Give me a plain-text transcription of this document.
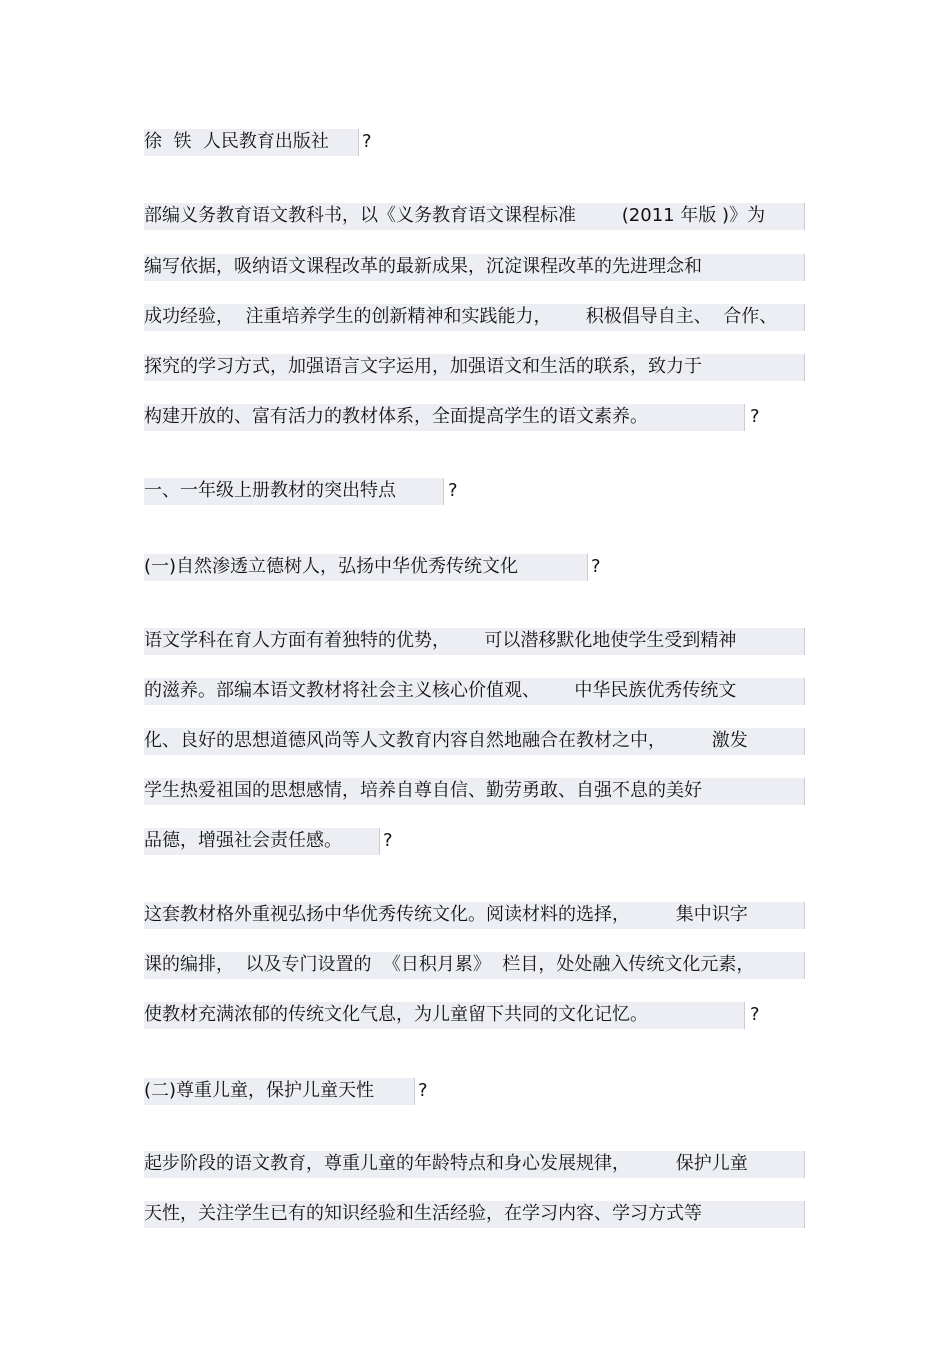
徐  铁  人民教育出版社 ?
部编义务教育语文教科书，以《义务教育语文课程标准        (2011 年版 )》为
编写依据，吸纳语文课程改革的最新成果，沉淀课程改革的先进理念和
成功经验，  注重培养学生的创新精神和实践能力，      积极倡导自主、  合作、
探究的学习方式，加强语言文字运用，加强语文和生活的联系，致力于
构建开放的、富有活力的教材体系，全面提高学生的语文素养。	?
一、一年级上册教材的突出特点	?
(一)自然渗透立德树人，弘扬中华优秀传统文化	?
语文学科在育人方面有着独特的优势，      可以潜移默化地使学生受到精神
的滋养。部编本语文教材将社会主义核心价值观、      中华民族优秀传统文
化、良好的思想道德风尚等人文教育内容自然地融合在教材之中，        激发
学生热爱祖国的思想感情，培养自尊自信、勤劳勇敢、自强不息的美好
品德，增强社会责任感。 ?
这套教材格外重视弘扬中华优秀传统文化。阅读材料的选择，        集中识字
课的编排，  以及专门设置的  《日积月累》  栏目，处处融入传统文化元素，
使教材充满浓郁的传统文化气息，为儿童留下共同的文化记忆。	?
(二)尊重儿童，保护儿童天性 ?
起步阶段的语文教育，尊重儿童的年龄特点和身心发展规律，        保护儿童
天性，关注学生已有的知识经验和生活经验，在学习内容、学习方式等
